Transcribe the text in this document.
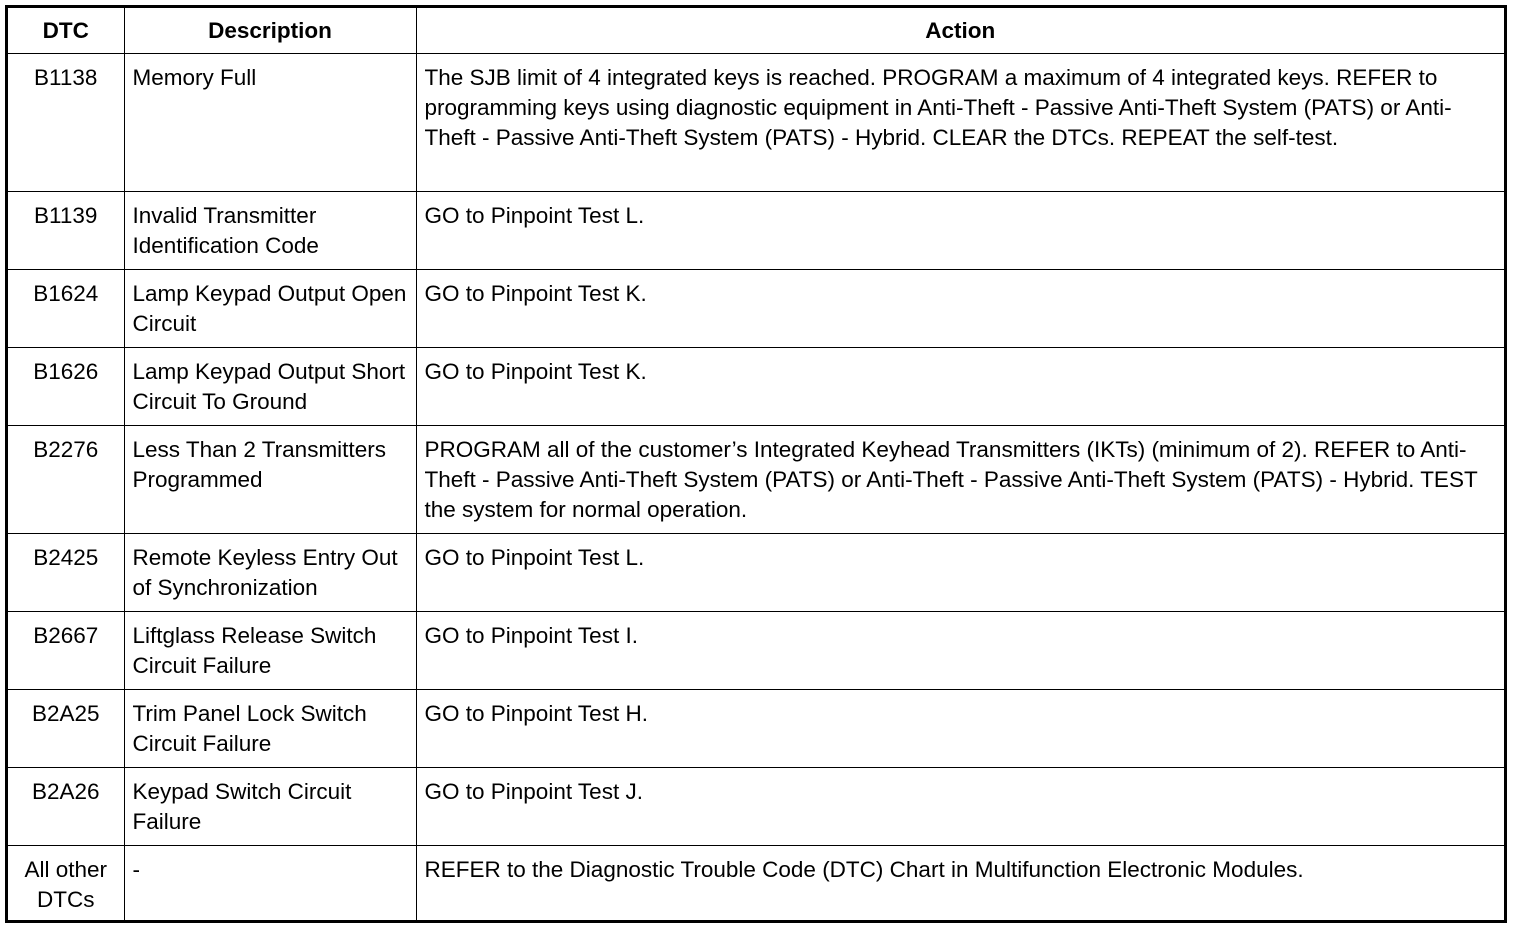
DTC	Description	Action
B1138	Memory Full	The SJB limit of 4 integrated keys is reached. PROGRAM a maximum of 4 integrated keys. REFER to programming keys using diagnostic equipment in Anti-Theft - Passive Anti-Theft System (PATS) or Anti-Theft - Passive Anti-Theft System (PATS) - Hybrid. CLEAR the DTCs. REPEAT the self-test.
B1139	Invalid Transmitter Identification Code	GO to Pinpoint Test L.
B1624	Lamp Keypad Output Open Circuit	GO to Pinpoint Test K.
B1626	Lamp Keypad Output Short Circuit To Ground	GO to Pinpoint Test K.
B2276	Less Than 2 Transmitters Programmed	PROGRAM all of the customer’s Integrated Keyhead Transmitters (IKTs) (minimum of 2). REFER to Anti-Theft - Passive Anti-Theft System (PATS) or Anti-Theft - Passive Anti-Theft System (PATS) - Hybrid. TEST the system for normal operation.
B2425	Remote Keyless Entry Out of Synchronization	GO to Pinpoint Test L.
B2667	Liftglass Release Switch Circuit Failure	GO to Pinpoint Test I.
B2A25	Trim Panel Lock Switch Circuit Failure	GO to Pinpoint Test H.
B2A26	Keypad Switch Circuit Failure	GO to Pinpoint Test J.
All other DTCs	-	REFER to the Diagnostic Trouble Code (DTC) Chart in Multifunction Electronic Modules.
